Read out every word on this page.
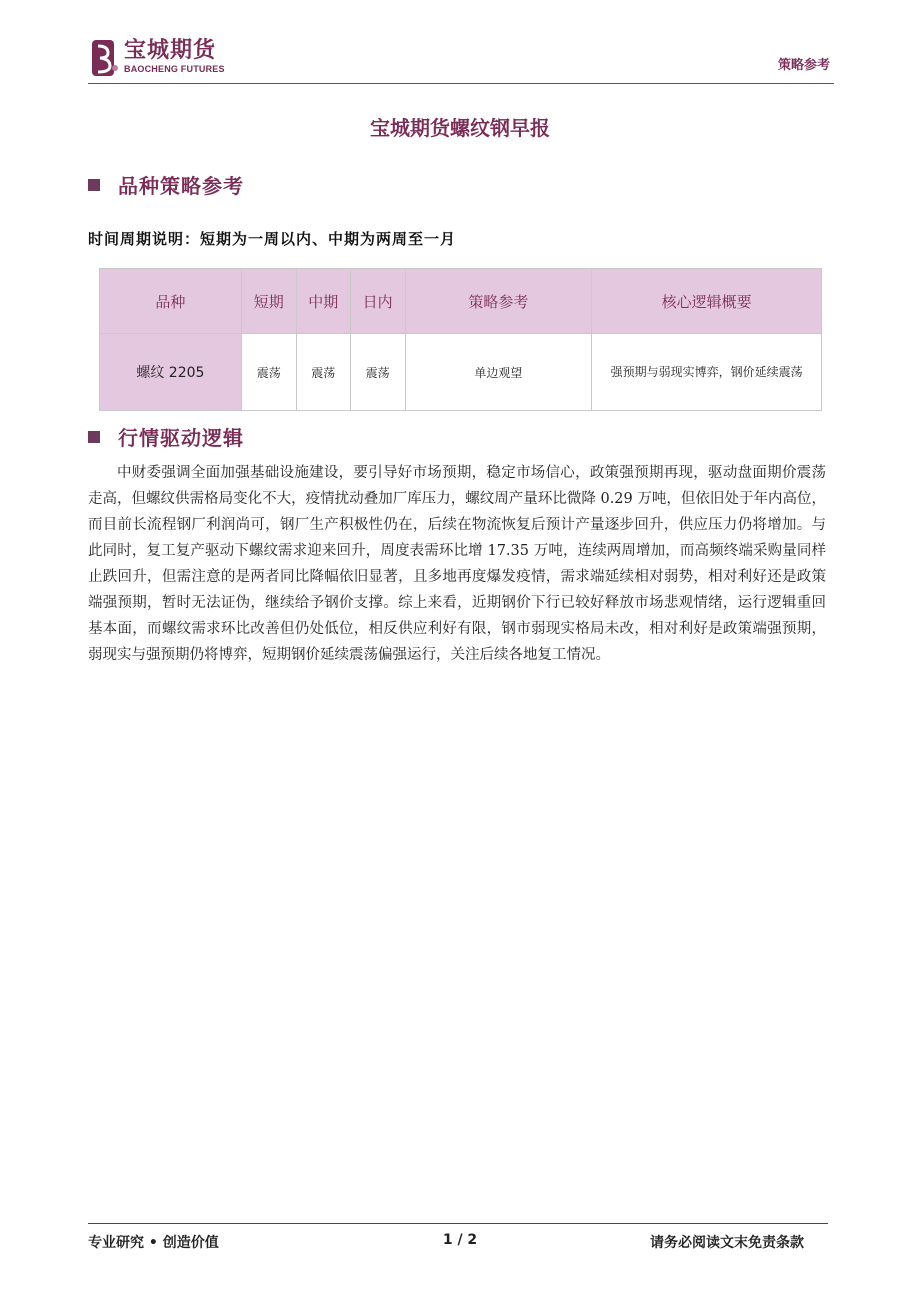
宝城期货
BAOCHENG FUTURES	策略参考
宝城期货螺纹钢早报
品种策略参考
时间周期说明：短期为一周以内、中期为两周至一月
品种	短期	中期	日内	策略参考	核心逻辑概要
螺纹 2205	震荡	震荡	震荡	单边观望	强预期与弱现实博弈，钢价延续震荡
行情驱动逻辑

中财委强调全面加强基础设施建设，要引导好市场预期，稳定市场信心，政策强预期再现，驱动盘面期价震荡走高，但螺纹供需格局变化不大，疫情扰动叠加厂库压力，螺纹周产量环比微降 0.29 万吨，但依旧处于年内高位，而目前长流程钢厂利润尚可，钢厂生产积极性仍在，后续在物流恢复后预计产量逐步回升，供应压力仍将增加。与此同时，复工复产驱动下螺纹需求迎来回升，周度表需环比增 17.35 万吨，连续两周增加，而高频终端采购量同样止跌回升，但需注意的是两者同比降幅依旧显著，且多地再度爆发疫情，需求端延续相对弱势，相对利好还是政策端强预期，暂时无法证伪，继续给予钢价支撑。综上来看，近期钢价下行已较好释放市场悲观情绪，运行逻辑重回基本面，而螺纹需求环比改善但仍处低位，相反供应利好有限，钢市弱现实格局未改，相对利好是政策端强预期，弱现实与强预期仍将博弈，短期钢价延续震荡偏强运行，关注后续各地复工情况。

专业研究 • 创造价值	1 / 2	请务必阅读文末免责条款
